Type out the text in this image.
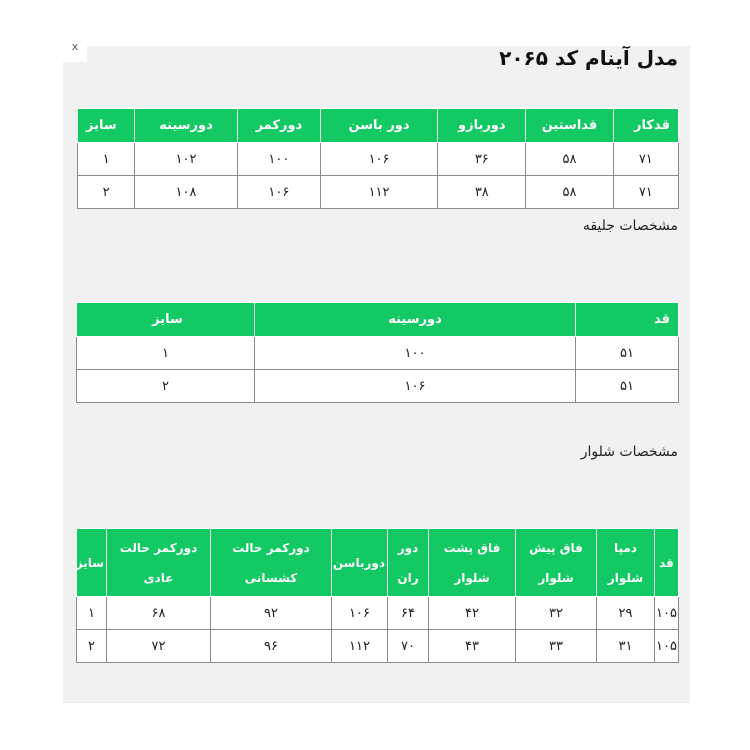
x	مدل آینام کد ۲۰۶۵
قدکار	قداستین	دوربازو	دور باسن	دورکمر	دورسینه	سایز
۷۱	۵۸	۳۶	۱۰۶	۱۰۰	۱۰۲	۱
۷۱	۵۸	۳۸	۱۱۲	۱۰۶	۱۰۸	۲
مشخصات جلیقه
قد	دورسینه	سایز
۵۱	۱۰۰	۱
۵۱	۱۰۶	۲
مشخصات شلوار
قد	دمپا شلوار	فاق پیش شلوار	فاق پشت شلوار	دور ران	دورباسن	دورکمر حالت کشسانی	دورکمر حالت عادی	سایز
۱۰۵	۲۹	۳۲	۴۲	۶۴	۱۰۶	۹۲	۶۸	۱
۱۰۵	۳۱	۳۳	۴۳	۷۰	۱۱۲	۹۶	۷۲	۲
